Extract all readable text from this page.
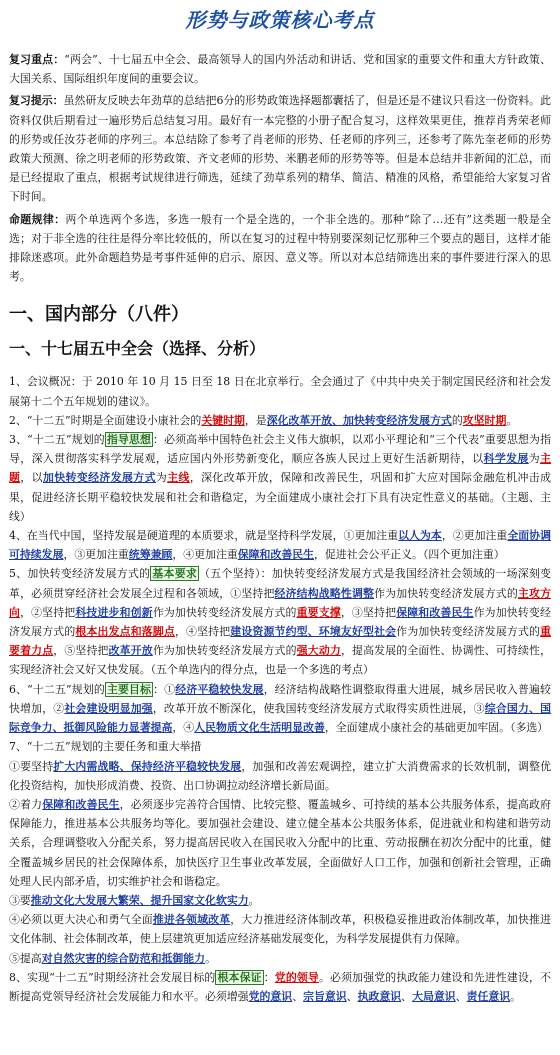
形势与政策核心考点

复习重点：“两会”、十七届五中全会、最高领导人的国内外活动和讲话、党和国家的重要文件和重大方针政策、大国关系、国际组织年度间的重要会议。

复习提示：虽然研友反映去年劲草的总结把6分的形势政策选择题都囊括了，但是还是不建议只看这一份资料。此资料仅供后期看过一遍形势后总结复习用。最好有一本完整的小册子配合复习，这样效果更佳，推荐肖秀荣老师的形势或任汝芬老师的序列三。本总结除了参考了肖老师的形势、任老师的序列三，还参考了陈先奎老师的形势政策大预测、徐之明老师的形势政策、齐文老师的形势、米鹏老师的形势等等。但是本总结并非新闻的汇总，而是已经提取了重点，根据考试规律进行筛选，延续了劲草系列的精华、简洁、精准的风格，希望能给大家复习省下时间。

命题规律：两个单选两个多选，多选一般有一个是全选的，一个非全选的。那种“除了…还有”这类题一般是全选；对于非全选的往往是得分率比较低的，所以在复习的过程中特别要深刻记忆那种三个要点的题目，这样才能排除迷惑项。此外命题趋势是考事件延伸的启示、原因、意义等。所以对本总结筛选出来的事件要进行深入的思考。

一、国内部分（八件）
一、十七届五中全会（选择、分析）

1、会议概况：于 2010 年 10 月 15 日至 18 日在北京举行。全会通过了《中共中央关于制定国民经济和社会发展第十二个五年规划的建议》。

2、“十二五”时期是全面建设小康社会的关键时期，是深化改革开放、加快转变经济发展方式的攻坚时期。

3、“十二五”规划的 指导思想 ：必须高举中国特色社会主义伟大旗帜，以邓小平理论和“三个代表”重要思想为指导，深入贯彻落实科学发展观，适应国内外形势新变化，顺应各族人民过上更好生活新期待，以科学发展为主题，以加快转变经济发展方式为主线，深化改革开放，保障和改善民生，巩固和扩大应对国际金融危机冲击成果，促进经济长期平稳较快发展和社会和谐稳定，为全面建成小康社会打下具有决定性意义的基础。（主题、主线）

4、在当代中国，坚持发展是硬道理的本质要求，就是坚持科学发展，①更加注重以人为本，②更加注重全面协调可持续发展，③更加注重统筹兼顾，④更加注重保障和改善民生，促进社会公平正义。（四个更加注重）

5、加快转变经济发展方式的 基本要求 （五个坚持）：加快转变经济发展方式是我国经济社会领域的一场深刻变革，必须贯穿经济社会发展全过程和各领域，①坚持把经济结构战略性调整作为加快转变经济发展方式的主攻方向，②坚持把科技进步和创新作为加快转变经济发展方式的重要支撑，③坚持把保障和改善民生作为加快转变经济发展方式的根本出发点和落脚点，④坚持把建设资源节约型、环境友好型社会作为加快转变经济发展方式的重要着力点，⑤坚持把改革开放作为加快转变经济发展方式的强大动力，提高发展的全面性、协调性、可持续性，实现经济社会又好又快发展。（五个单选内的得分点，也是一个多选的考点）

6、“十二五”规划的 主要目标 ：①经济平稳较快发展，经济结构战略性调整取得重大进展，城乡居民收入普遍较快增加，②社会建设明显加强，改革开放不断深化，使我国转变经济发展方式取得实质性进展，③综合国力、国际竞争力、抵御风险能力显著提高，④人民物质文化生活明显改善，全面建成小康社会的基础更加牢固。（多选）

7、“十二五”规划的主要任务和重大举措

①要坚持扩大内需战略、保持经济平稳较快发展，加强和改善宏观调控，建立扩大消费需求的长效机制，调整优化投资结构，加快形成消费、投资、出口协调拉动经济增长新局面。

②着力保障和改善民生，必须逐步完善符合国情、比较完整、覆盖城乡、可持续的基本公共服务体系，提高政府保障能力，推进基本公共服务均等化。要加强社会建设、建立健全基本公共服务体系，促进就业和构建和谐劳动关系，合理调整收入分配关系，努力提高居民收入在国民收入分配中的比重、劳动报酬在初次分配中的比重，健全覆盖城乡居民的社会保障体系，加快医疗卫生事业改革发展，全面做好人口工作，加强和创新社会管理，正确处理人民内部矛盾，切实维护社会和谐稳定。

③要推动文化大发展大繁荣、提升国家文化软实力。

④必须以更大决心和勇气全面推进各领域改革，大力推进经济体制改革，积极稳妥推进政治体制改革，加快推进文化体制、社会体制改革，使上层建筑更加适应经济基础发展变化，为科学发展提供有力保障。

⑤提高对自然灾害的综合防范和抵御能力。

8、实现“十二五”时期经济社会发展目标的 根本保证 ：党的领导。必须加强党的执政能力建设和先进性建设，不断提高党领导经济社会发展能力和水平。必须增强党的意识、宗旨意识、执政意识、大局意识、责任意识。
